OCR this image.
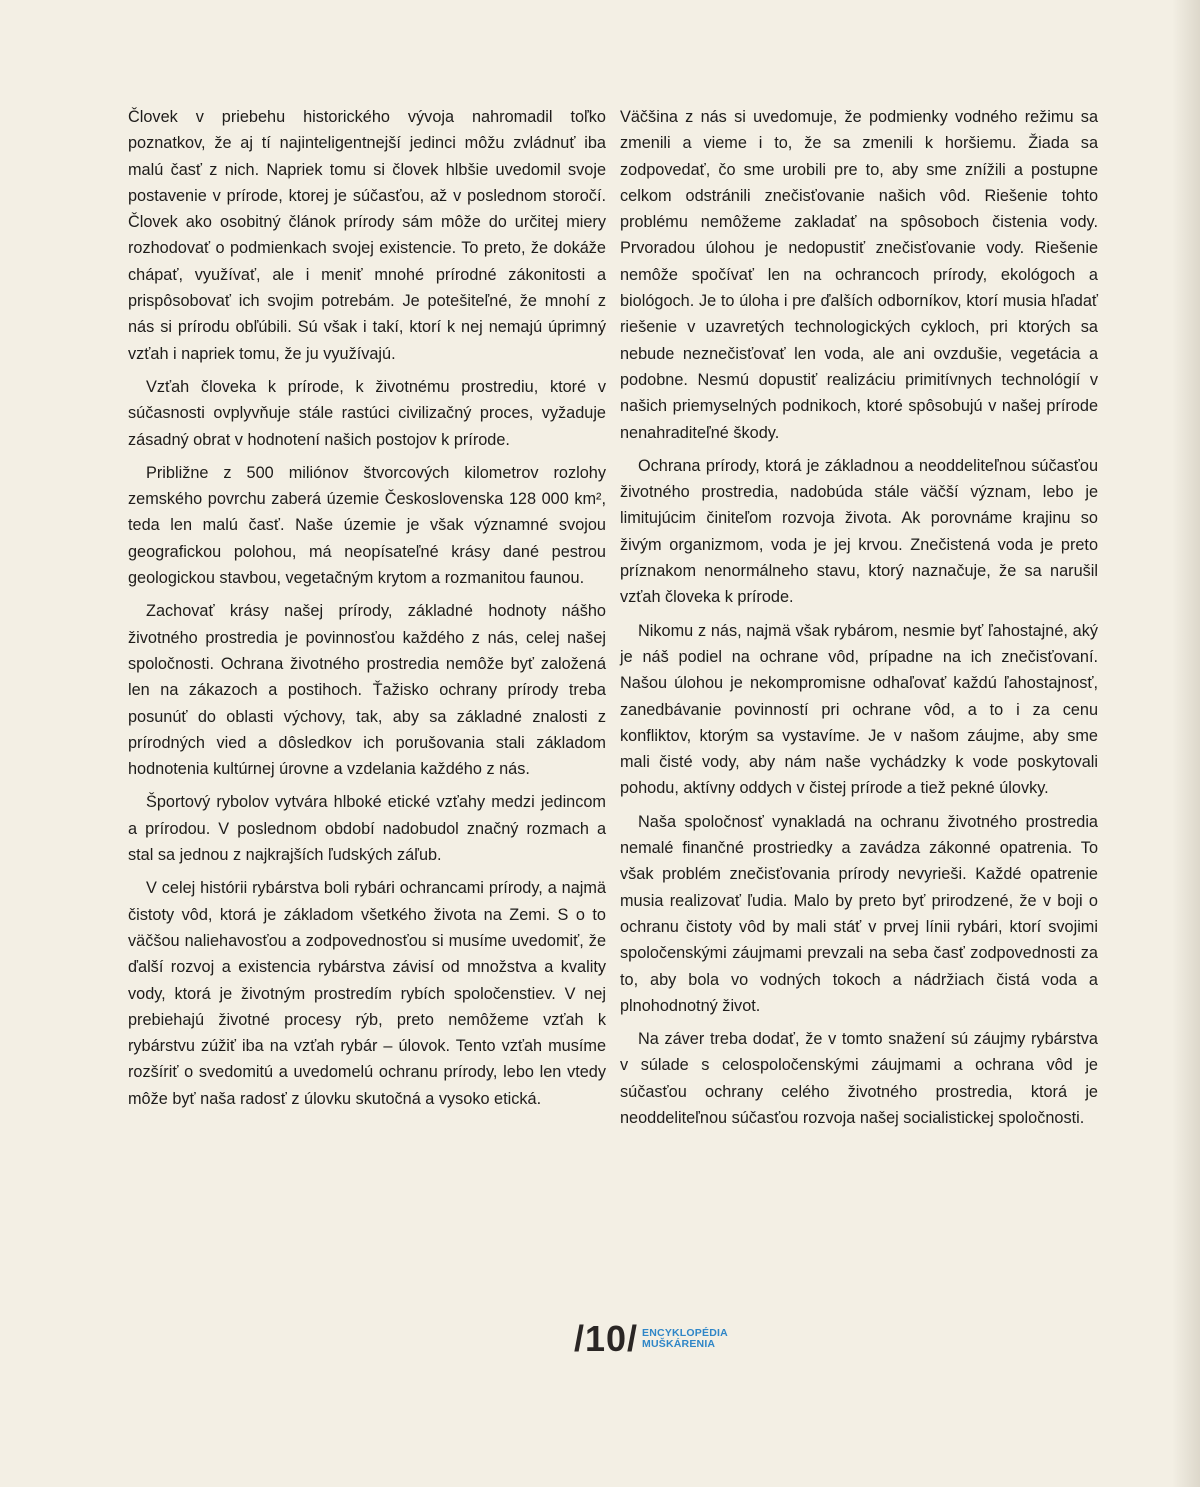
Človek v priebehu historického vývoja nahromadil toľko poznatkov, že aj tí najinteligentnejší jedinci môžu zvládnuť iba malú časť z nich. Napriek tomu si človek hlbšie uvedomil svoje postavenie v prírode, ktorej je súčasťou, až v poslednom storočí. Človek ako osobitný článok prírody sám môže do určitej miery rozhodovať o podmienkach svojej existencie. To preto, že dokáže chápať, využívať, ale i meniť mnohé prírodné zákonitosti a prispôsobovať ich svojim potrebám. Je potešiteľné, že mnohí z nás si prírodu obľúbili. Sú však i takí, ktorí k nej nemajú úprimný vzťah i napriek tomu, že ju využívajú.

Vzťah človeka k prírode, k životnému prostrediu, ktoré v súčasnosti ovplyvňuje stále rastúci civilizačný proces, vyžaduje zásadný obrat v hodnotení našich postojov k prírode.

Približne z 500 miliónov štvorcových kilometrov rozlohy zemského povrchu zaberá územie Československa 128 000 km², teda len malú časť. Naše územie je však významné svojou geografickou polohou, má neopísateľné krásy dané pestrou geologickou stavbou, vegetačným krytom a rozmanitou faunou.

Zachovať krásy našej prírody, základné hodnoty nášho životného prostredia je povinnosťou každého z nás, celej našej spoločnosti. Ochrana životného prostredia nemôže byť založená len na zákazoch a postihoch. Ťažisko ochrany prírody treba posunúť do oblasti výchovy, tak, aby sa základné znalosti z prírodných vied a dôsledkov ich porušovania stali základom hodnotenia kultúrnej úrovne a vzdelania každého z nás.

Športový rybolov vytvára hlboké etické vzťahy medzi jedincom a prírodou. V poslednom období nadobudol značný rozmach a stal sa jednou z najkrajších ľudských záľub.

V celej histórii rybárstva boli rybári ochrancami prírody, a najmä čistoty vôd, ktorá je základom všetkého života na Zemi. S o to väčšou naliehavosťou a zodpovednosťou si musíme uvedomiť, že ďalší rozvoj a existencia rybárstva závisí od množstva a kvality vody, ktorá je životným prostredím rybích spoločenstiev. V nej prebiehajú životné procesy rýb, preto nemôžeme vzťah k rybárstvu zúžiť iba na vzťah rybár – úlovok. Tento vzťah musíme rozšíriť o svedomitú a uvedomelú ochranu prírody, lebo len vtedy môže byť naša radosť z úlovku skutočná a vysoko etická.

Väčšina z nás si uvedomuje, že podmienky vodného režimu sa zmenili a vieme i to, že sa zmenili k horšiemu. Žiada sa zodpovedať, čo sme urobili pre to, aby sme znížili a postupne celkom odstránili znečisťovanie našich vôd. Riešenie tohto problému nemôžeme zakladať na spôsoboch čistenia vody. Prvoradou úlohou je nedopustiť znečisťovanie vody. Riešenie nemôže spočívať len na ochrancoch prírody, ekológoch a biológoch. Je to úloha i pre ďalších odborníkov, ktorí musia hľadať riešenie v uzavretých technologických cykloch, pri ktorých sa nebude neznečisťovať len voda, ale ani ovzdušie, vegetácia a podobne. Nesmú dopustiť realizáciu primitívnych technológií v našich priemyselných podnikoch, ktoré spôsobujú v našej prírode nenahraditeľné škody.

Ochrana prírody, ktorá je základnou a neoddeliteľnou súčasťou životného prostredia, nadobúda stále väčší význam, lebo je limitujúcim činiteľom rozvoja života. Ak porovnáme krajinu so živým organizmom, voda je jej krvou. Znečistená voda je preto príznakom nenormálneho stavu, ktorý naznačuje, že sa narušil vzťah človeka k prírode.

Nikomu z nás, najmä však rybárom, nesmie byť ľahostajné, aký je náš podiel na ochrane vôd, prípadne na ich znečisťovaní. Našou úlohou je nekompromisne odhaľovať každú ľahostajnosť, zanedbávanie povinností pri ochrane vôd, a to i za cenu konfliktov, ktorým sa vystavíme. Je v našom záujme, aby sme mali čisté vody, aby nám naše vychádzky k vode poskytovali pohodu, aktívny oddych v čistej prírode a tiež pekné úlovky.

Naša spoločnosť vynakladá na ochranu životného prostredia nemalé finančné prostriedky a zavádza zákonné opatrenia. To však problém znečisťovania prírody nevyrieši. Každé opatrenie musia realizovať ľudia. Malo by preto byť prirodzené, že v boji o ochranu čistoty vôd by mali stáť v prvej línii rybári, ktorí svojimi spoločenskými záujmami prevzali na seba časť zodpovednosti za to, aby bola vo vodných tokoch a nádržiach čistá voda a plnohodnotný život.

Na záver treba dodať, že v tomto snažení sú záujmy rybárstva v súlade s celospoločenskými záujmami a ochrana vôd je súčasťou ochrany celého životného prostredia, ktorá je neoddeliteľnou súčasťou rozvoja našej socialistickej spoločnosti.

/10/ ENCYKLOPÉDIA
MUŠKÁRENIA
